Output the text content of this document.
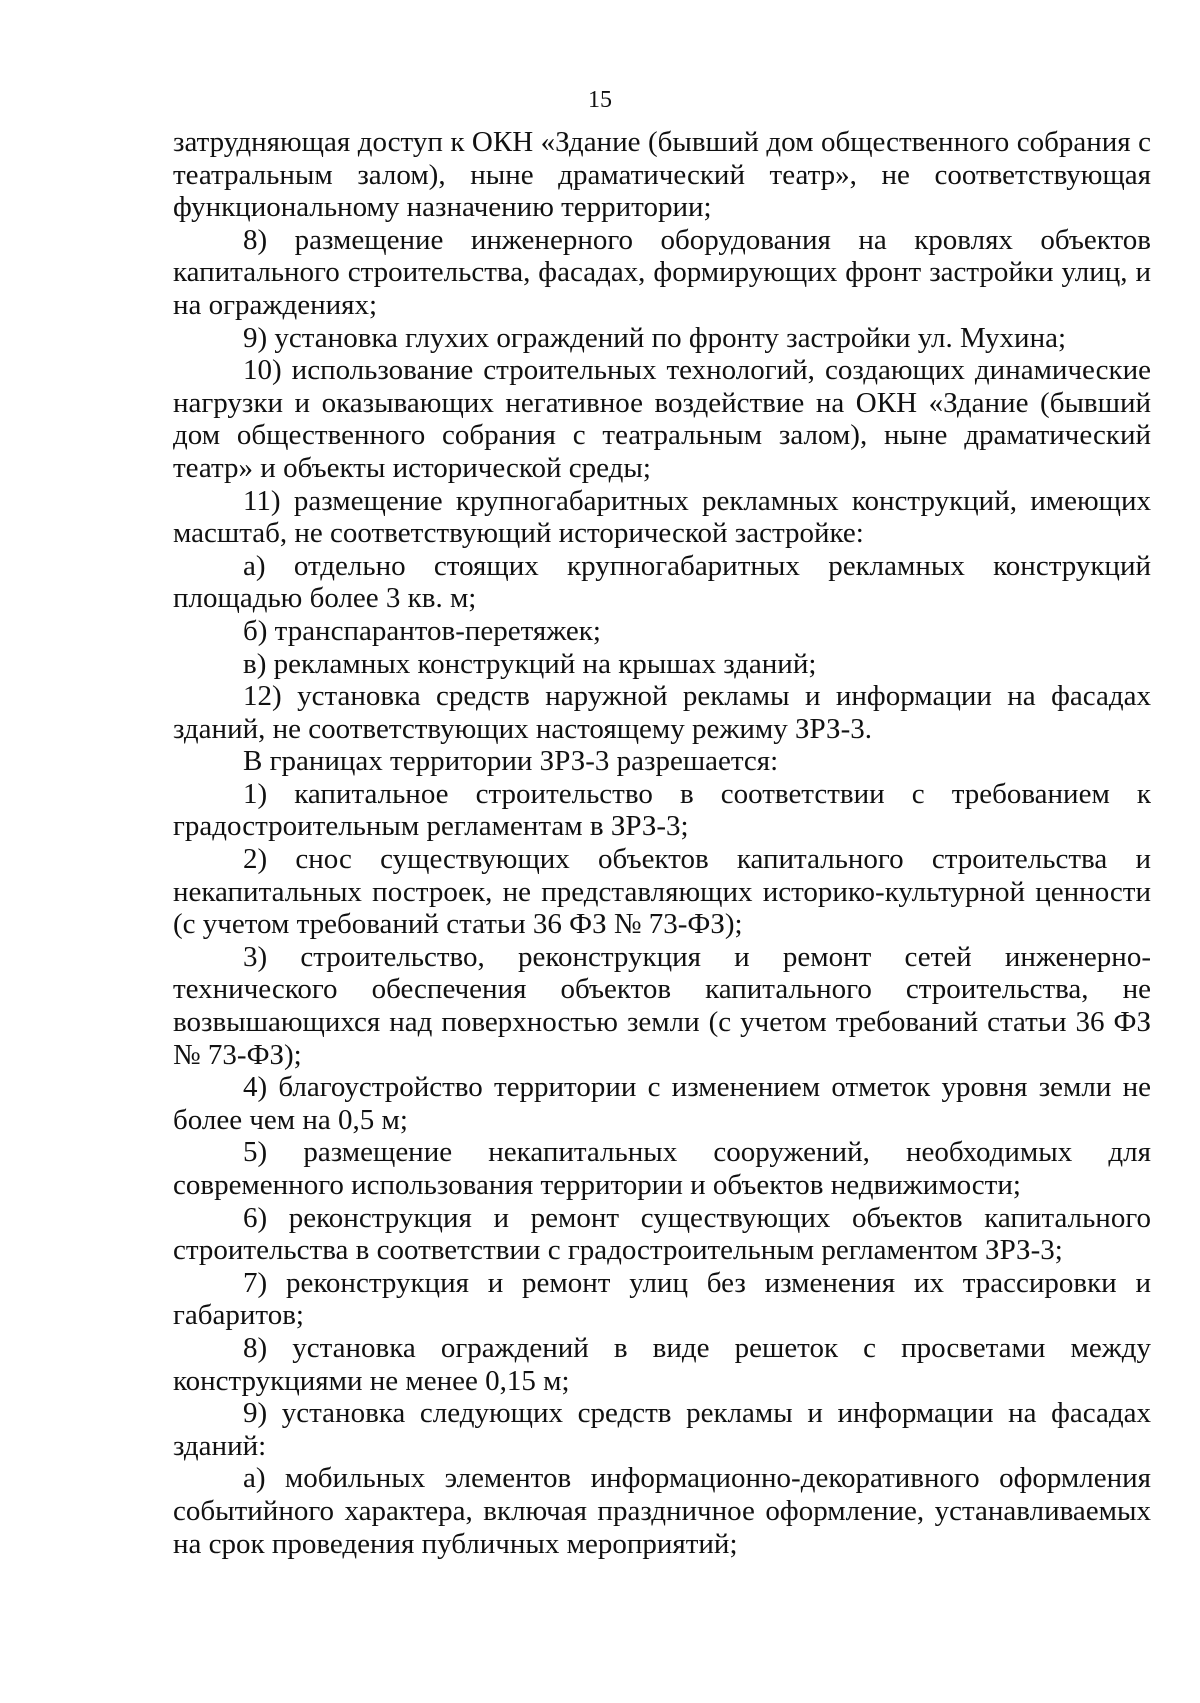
15

затрудняющая доступ к ОКН «Здание (бывший дом общественного собрания с театральным залом), ныне драматический театр», не соответствующая функциональному назначению территории;

8) размещение инженерного оборудования на кровлях объектов капитального строительства, фасадах, формирующих фронт застройки улиц, и на ограждениях;

9) установка глухих ограждений по фронту застройки ул. Мухина;

10) использование строительных технологий, создающих динамические нагрузки и оказывающих негативное воздействие на ОКН «Здание (бывший дом общественного собрания с театральным залом), ныне драматический театр» и объекты исторической среды;

11) размещение крупногабаритных рекламных конструкций, имеющих масштаб, не соответствующий исторической застройке:

а) отдельно стоящих крупногабаритных рекламных конструкций площадью более 3 кв. м;

б) транспарантов-перетяжек;

в) рекламных конструкций на крышах зданий;

12) установка средств наружной рекламы и информации на фасадах зданий, не соответствующих настоящему режиму ЗРЗ-3.

В границах территории ЗРЗ-3 разрешается:

1) капитальное строительство в соответствии с требованием к градостроительным регламентам в ЗРЗ-3;

2) снос существующих объектов капитального строительства и некапитальных построек, не представляющих историко-культурной ценности (с учетом требований статьи 36 ФЗ № 73-ФЗ);

3) строительство, реконструкция и ремонт сетей инженерно-технического обеспечения объектов капитального строительства, не возвышающихся над поверхностью земли (с учетом требований статьи 36 ФЗ № 73-ФЗ);

4) благоустройство территории с изменением отметок уровня земли не более чем на 0,5 м;

5) размещение некапитальных сооружений, необходимых для современного использования территории и объектов недвижимости;

6) реконструкция и ремонт существующих объектов капитального строительства в соответствии с градостроительным регламентом ЗРЗ-3;

7) реконструкция и ремонт улиц без изменения их трассировки и габаритов;

8) установка ограждений в виде решеток с просветами между конструкциями не менее 0,15 м;

9) установка следующих средств рекламы и информации на фасадах зданий:

а) мобильных элементов информационно-декоративного оформления событийного характера, включая праздничное оформление, устанавливаемых на срок проведения публичных мероприятий;
